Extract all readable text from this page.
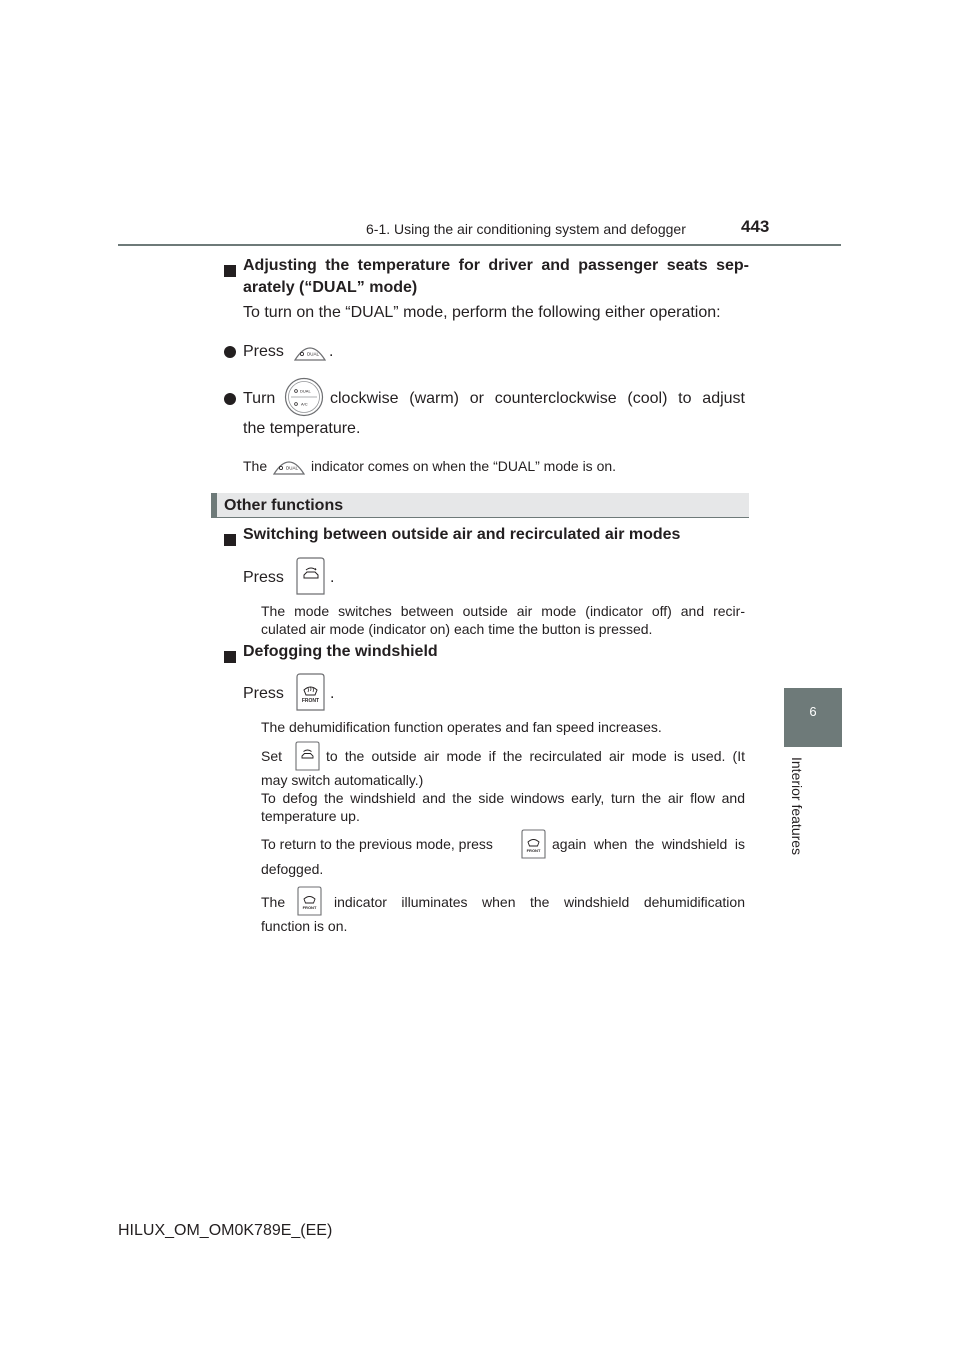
6-1. Using the air conditioning system and defogger	443
6
Interior features
Adjusting the temperature for driver and passenger seats sep-
arately (“DUAL” mode)
To turn on the “DUAL” mode, perform the following either operation:
Press	DUAL .
Turn	DUAL
A/C clockwise (warm) or counterclockwise (cool) to adjust
the temperature.
The	DUAL indicator comes on when the “DUAL” mode is on.
Other functions
Switching between outside air and recirculated air modes
Press	.
The mode switches between outside air mode (indicator off) and recir-
culated air mode (indicator on) each time the button is pressed.
Defogging the windshield
Press	FRONT .
The dehumidification function operates and fan speed increases.
Set	to the outside air mode if the recirculated air mode is used. (It
may switch automatically.)
To defog the windshield and the side windows early, turn the air flow and
temperature up.
To return to the previous mode, press	FRONT again when the windshield is
defogged.
The	FRONT indicator illuminates when the windshield dehumidification
function is on.
HILUX_OM_OM0K789E_(EE)
